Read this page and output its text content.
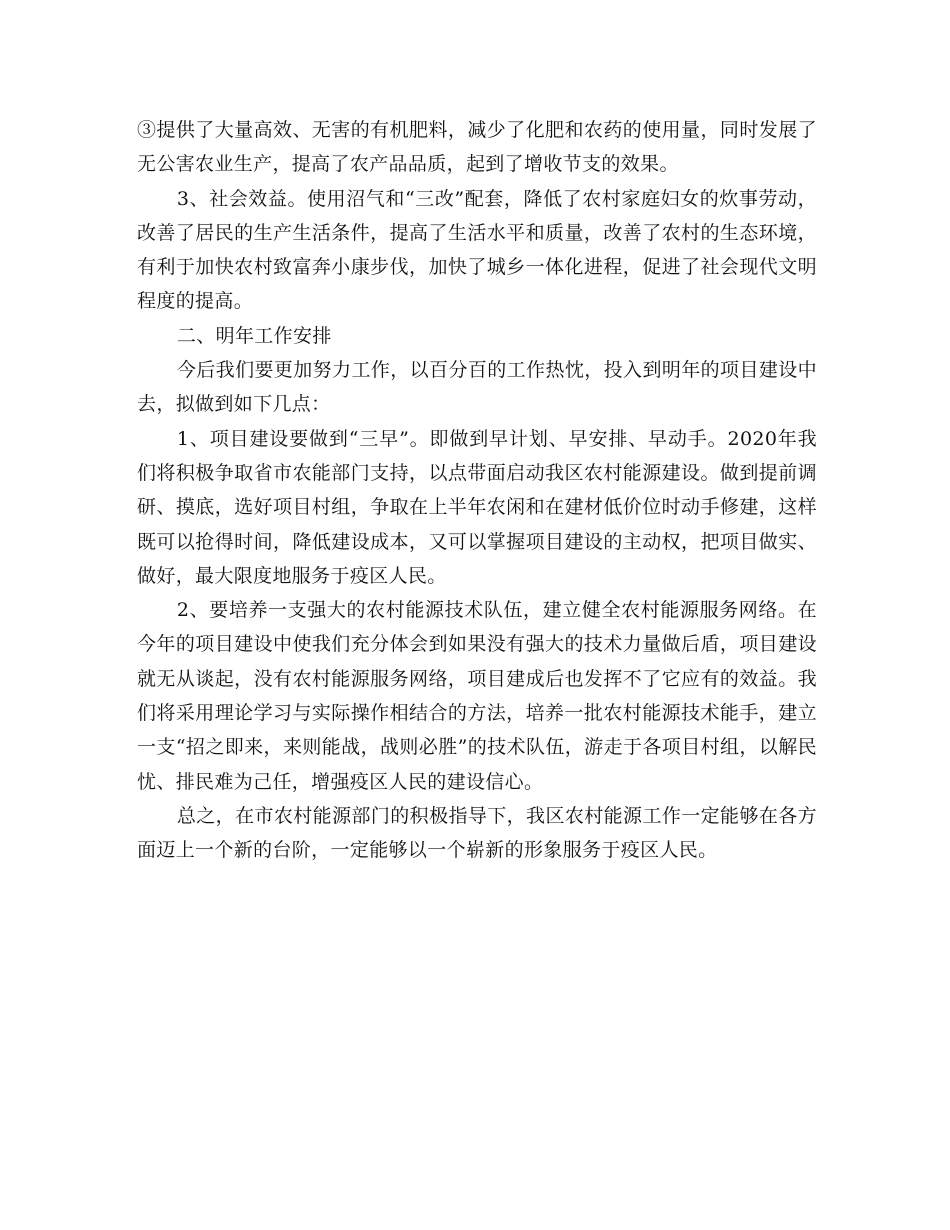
③提供了大量高效、无害的有机肥料，减少了化肥和农药的使用量，同时发展了无公害农业生产，提高了农产品品质，起到了增收节支的效果。

3、社会效益。使用沼气和“三改”配套，降低了农村家庭妇女的炊事劳动，改善了居民的生产生活条件，提高了生活水平和质量，改善了农村的生态环境，有利于加快农村致富奔小康步伐，加快了城乡一体化进程，促进了社会现代文明程度的提高。

二、明年工作安排

今后我们要更加努力工作，以百分百的工作热忱，投入到明年的项目建设中去，拟做到如下几点：

1、项目建设要做到“三早”。即做到早计划、早安排、早动手。2020年我们将积极争取省市农能部门支持，以点带面启动我区农村能源建设。做到提前调研、摸底，选好项目村组，争取在上半年农闲和在建材低价位时动手修建，这样既可以抢得时间，降低建设成本，又可以掌握项目建设的主动权，把项目做实、做好，最大限度地服务于疫区人民。

2、要培养一支强大的农村能源技术队伍，建立健全农村能源服务网络。在今年的项目建设中使我们充分体会到如果没有强大的技术力量做后盾，项目建设就无从谈起，没有农村能源服务网络，项目建成后也发挥不了它应有的效益。我们将采用理论学习与实际操作相结合的方法，培养一批农村能源技术能手，建立一支“招之即来，来则能战，战则必胜”的技术队伍，游走于各项目村组，以解民忧、排民难为己任，增强疫区人民的建设信心。

总之，在市农村能源部门的积极指导下，我区农村能源工作一定能够在各方面迈上一个新的台阶，一定能够以一个崭新的形象服务于疫区人民。
